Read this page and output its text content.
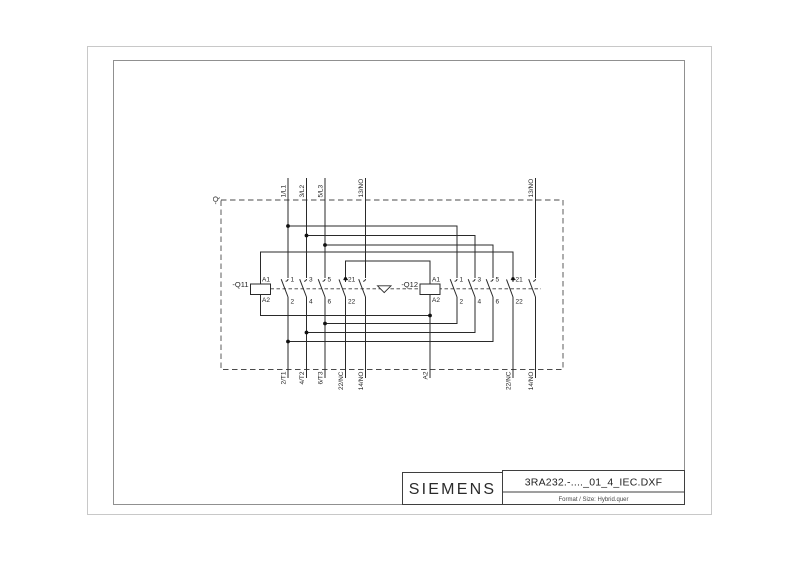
-Q
-Q11 A1
A2
1
2
3
4
5
6
21
22
-Q12 A1
A2
1
2
3
4
5
6
21
22
1/L1 3/L2 5/L3	13/NO	13/NO
2/T1 4/T2 6/T3 22/NC 14/NO	A2	22/NC 14/NO
SIEMENS	3RA232.-...._01_4_IEC.DXF
Format / Size: Hybrid.quer
